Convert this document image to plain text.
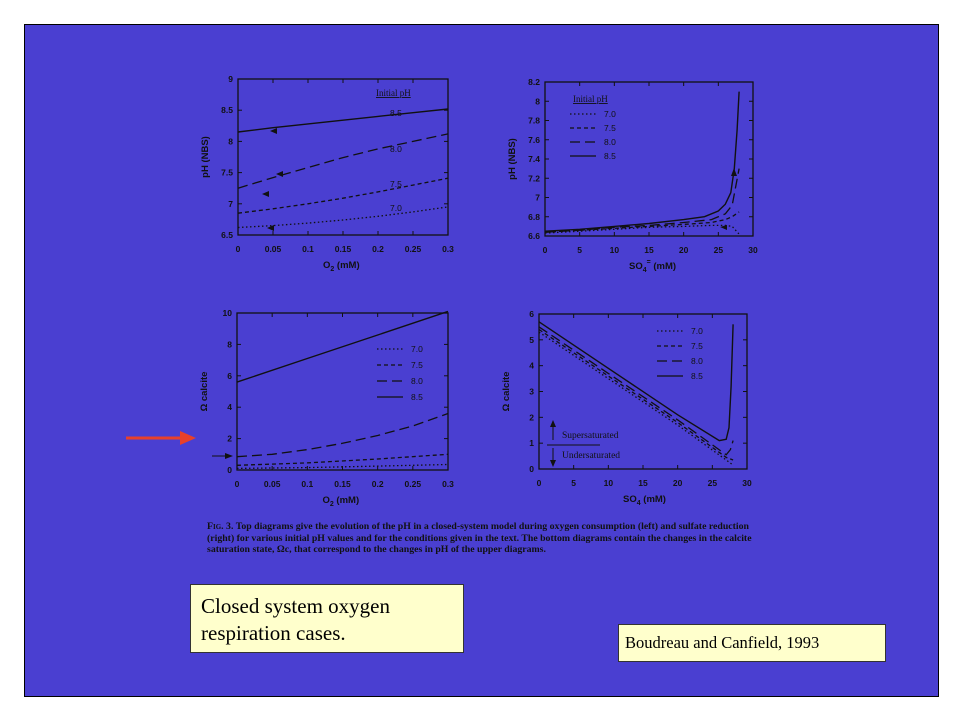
0	0.05 0.1 0.15 0.2 0.25 0.3
6.5
7
7.5
8
8.5
9
$O_2$ (mM)
pH (NBS)
Initial pH
8.5
8.0
7.5
7.0
0	5	10	15	20	25	30
6.6
6.8
7
7.2
7.4
7.6
7.8
8
8.2
$SO_4^=$ (mM)
pH (NBS)
Initial pH
7.0
7.5
8.0
8.5
0	0.05 0.1 0.15 0.2 0.25 0.3
0
2
4
6
8
10
$O_2$ (mM)
Ω calcite
7.0
7.5
8.0
8.5
0	5	10	15	20	25	30
0
1
2
3
4
5
6
$SO_4$ (mM)
Ω calcite
7.0
7.5
8.0
8.5
Supersaturated
Undersaturated
Fig. 3. Top diagrams give the evolution of the pH in a closed-system model during oxygen consumption (left) and sulfate reduction (right) for various initial pH values and for the conditions given in the text. The bottom diagrams contain the changes in the calcite saturation state, Ωc, that correspond to the changes in pH of the upper diagrams.
Closed system oxygen respiration cases.	Boudreau and Canfield, 1993
